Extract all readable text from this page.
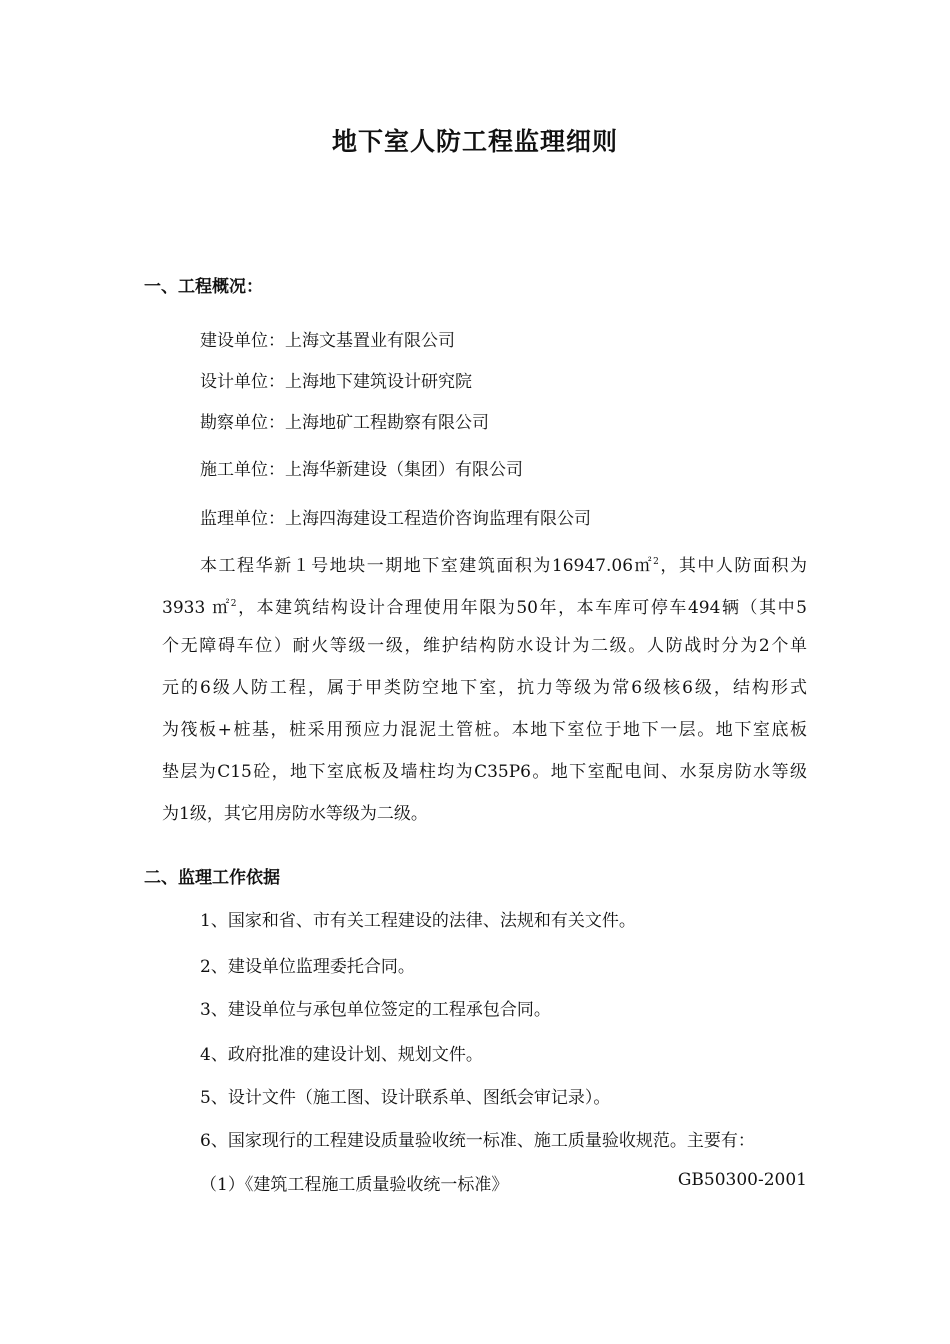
地下室人防工程监理细则
一、工程概况：
建设单位：上海文基置业有限公司
设计单位：上海地下建筑设计研究院
勘察单位：上海地矿工程勘察有限公司
施工单位：上海华新建设（集团）有限公司
监理单位：上海四海建设工程造价咨询监理有限公司
本工程华新１号地块一期地下室建筑面积为16947.06㎡$^2$，其中人防面积为
3933 ㎡$^2$，本建筑结构设计合理使用年限为50年，本车库可停车494辆（其中5
个无障碍车位）耐火等级一级，维护结构防水设计为二级。人防战时分为2个单
元的6级人防工程，属于甲类防空地下室，抗力等级为常6级核6级，结构形式
为筏板+桩基，桩采用预应力混泥土管桩。本地下室位于地下一层。地下室底板
垫层为C15砼，地下室底板及墙柱均为C35P6。地下室配电间、水泵房防水等级
为1级，其它用房防水等级为二级。
二、监理工作依据
1、国家和省、市有关工程建设的法律、法规和有关文件。
2、建设单位监理委托合同。
3、建设单位与承包单位签定的工程承包合同。
4、政府批准的建设计划、规划文件。
5、设计文件（施工图、设计联系单、图纸会审记录）。
6、国家现行的工程建设质量验收统一标准、施工质量验收规范。主要有：
（1）《建筑工程施工质量验收统一标准》	GB50300-2001
